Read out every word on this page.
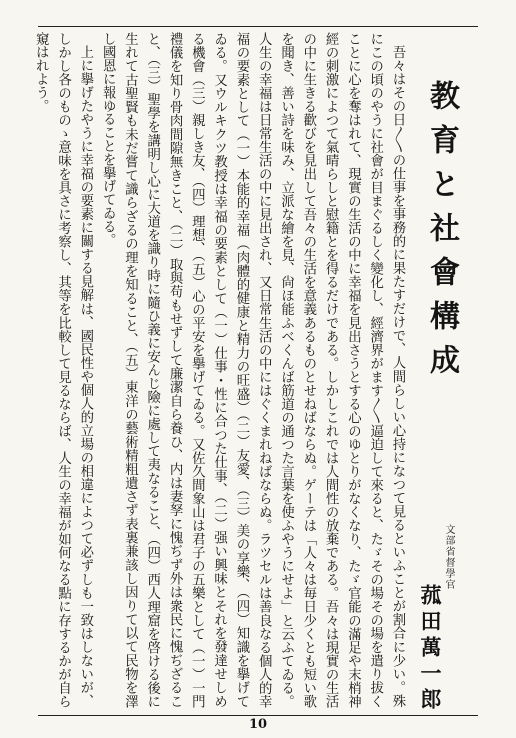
教育と社會構成
文部省督學官
菰田萬一郎

吾々はその日〳〵の仕事を事務的に果たすだけで、人間らしい心持になつて見るといふことが割合に少い。殊にこの頃のやうに社會が目まぐるしく變化し、經濟界がます〳〵逼迫して來ると、たゞその場その場を遣り拔くことに心を奪はれて、現實の生活の中に幸福を見出さうとする心のゆとりがなくなり、たゞ官能の滿足や末梢神經の刺激によつて氣晴らしと慰籍とを得るだけである。しかしこれでは人間性の放棄である。吾々は現實の生活の中に生きる歡びを見出して吾々の生活を意義あるものとせねばならぬ。ゲーテは「人々は毎日少くとも短い歌を聞き、善い詩を味み、立派な繪を見、尙ほ能ふべくんば筋道の通つた言葉を使ふやうにせよ」と云ふてゐる。人生の幸福は日常生活の中に見出され、又日常生活の中にはぐくまれねばならぬ。ラツセルは善良なる個人的幸福の要素として（一）本能的幸福（肉體的健康と精力の旺盛）（二）友愛、（三）美の享樂、（四）知識を擧げてゐる。又ウルキクツ教授は幸福の要素として（一）仕事・性に合つた仕事、（二）强い興味とそれを發達せしめる機會（三）親しき友、（四）理想、（五）心の平安を擧げてゐる。又佐久間象山は君子の五樂として（一）一門禮儀を知り骨肉間隙無きこと、（二）取與苟もせずして廉潔自ら養ひ、内は妻孥に愧ぢず外は衆民に愧ぢざること、（三）聖學を講明し心に大道を識り時に隨ひ義に安んじ險に處して夷なること、（四）西人理窟を啓ける後に生れて古聖賢も未だ嘗て識らざるの理を知ること、（五）東洋の藝術精粗遺さず表裏兼該し因りて以て民物を澤し國恩に報ゆることを擧げてゐる。

上に擧げたやうに幸福の要素に關する見解は、國民性や個人的立場の相違によつて必ずしも一致はしないが、しかし各のものゝ意味を具さに考察し、其等を比較して見るならば、人生の幸福が如何なる點に存するかが自ら窺はれよう。

10
